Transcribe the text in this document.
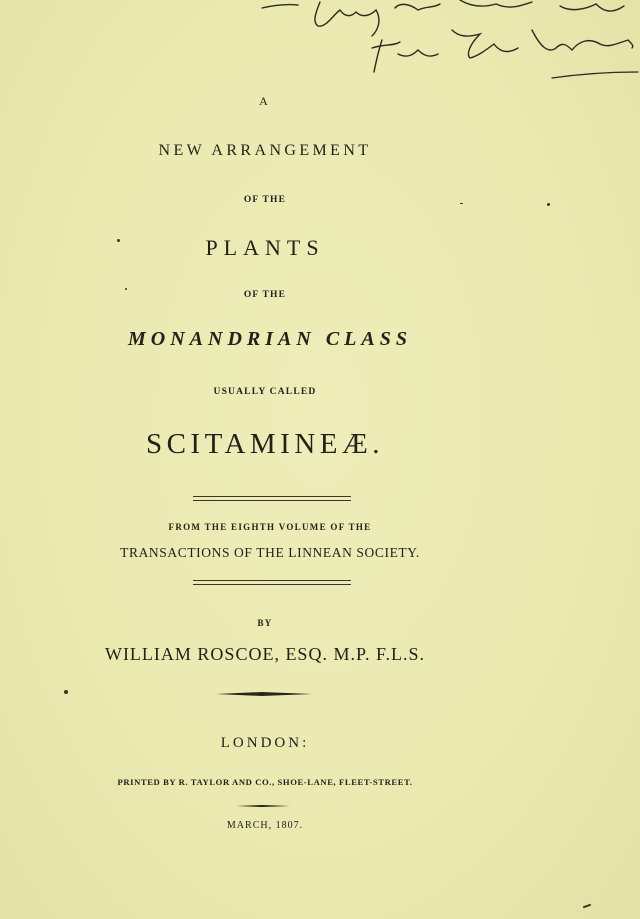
A
NEW ARRANGEMENT
OF THE
PLANTS
OF THE
MONANDRIAN CLASS
USUALLY CALLED
SCITAMINEÆ.
FROM THE EIGHTH VOLUME OF THE
TRANSACTIONS OF THE LINNEAN SOCIETY.
BY
WILLIAM ROSCOE, ESQ. M.P. F.L.S.
LONDON:
PRINTED BY R. TAYLOR AND CO., SHOE-LANE, FLEET-STREET.
MARCH, 1807.
